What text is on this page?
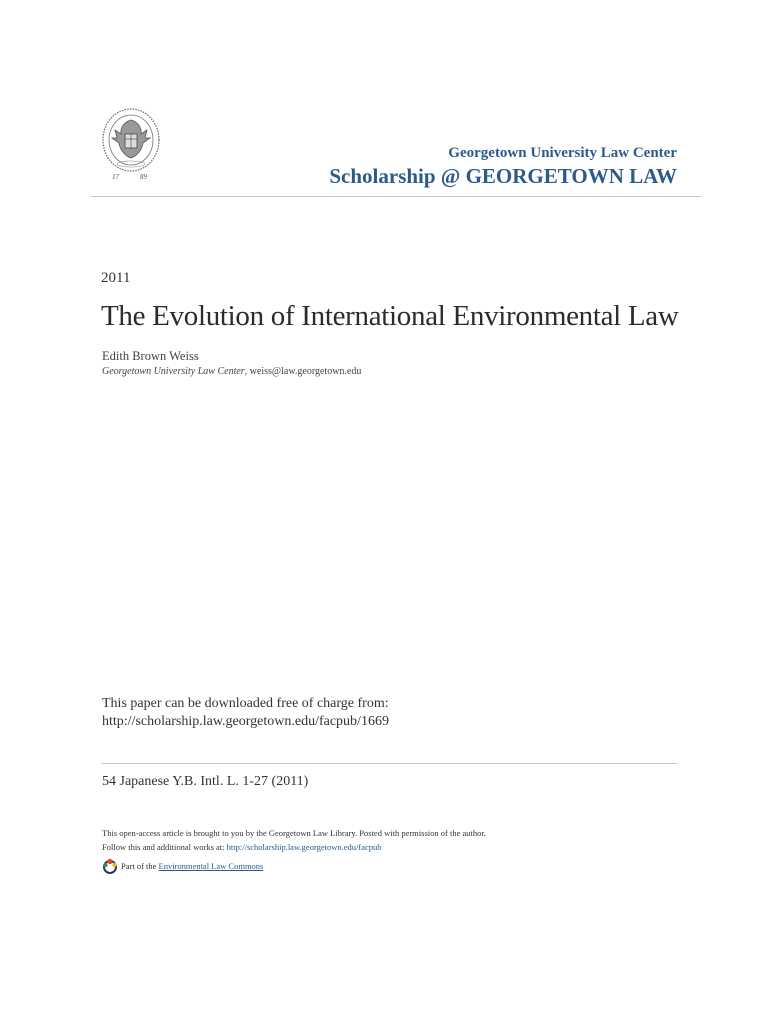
17	89
Georgetown University Law Center
Scholarship @ GEORGETOWN LAW
2011
The Evolution of International Environmental Law
Edith Brown Weiss
Georgetown University Law Center, weiss@law.georgetown.edu
This paper can be downloaded free of charge from:
http://scholarship.law.georgetown.edu/facpub/1669
54 Japanese Y.B. Intl. L. 1-27 (2011)
This open-access article is brought to you by the Georgetown Law Library. Posted with permission of the author.
Follow this and additional works at: http://scholarship.law.georgetown.edu/facpub
Part of the
Environmental Law Commons
